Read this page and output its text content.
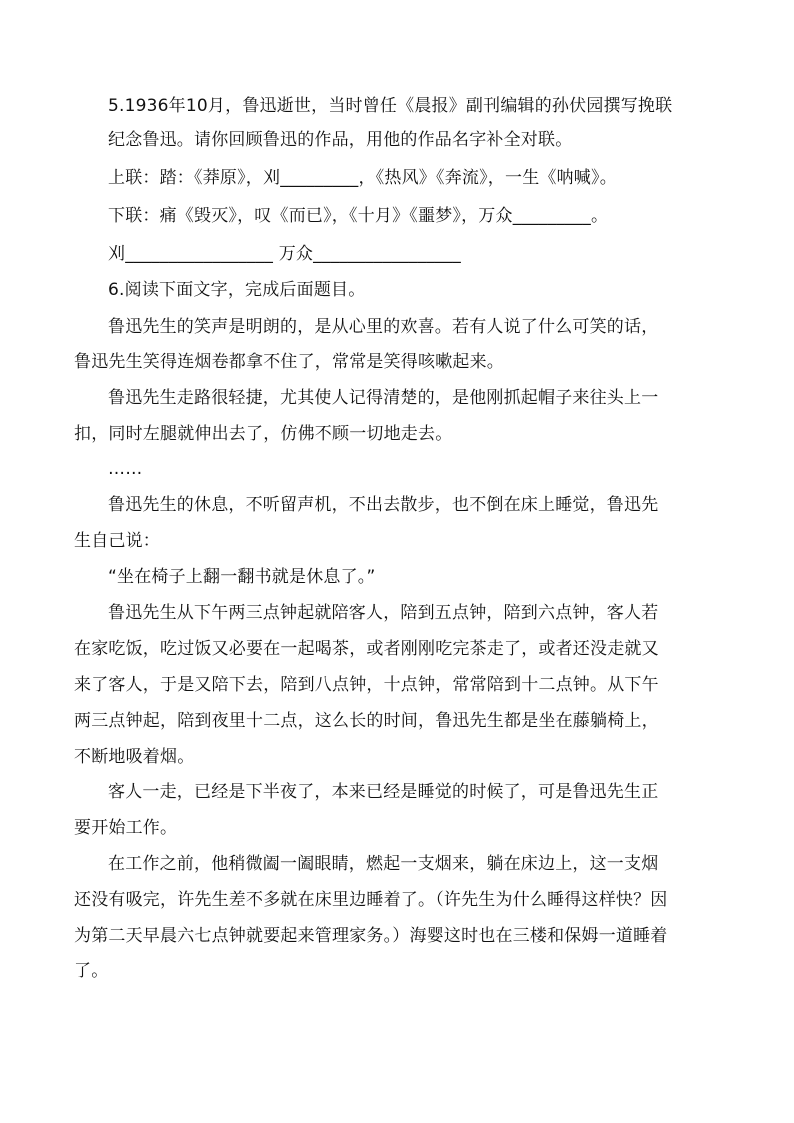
5.1936年10月，鲁迅逝世，当时曾任《晨报》副刊编辑的孙伏园撰写挽联
纪念鲁迅。请你回顾鲁迅的作品，用他的作品名字补全对联。
上联：踏：《莽原》，刈_________，《热风》《奔流》，一生《呐喊》。
下联：痛《毁灭》，叹《而已》，《十月》《噩梦》，万众_________。
刈_________________ 万众_________________
6.阅读下面文字，完成后面题目。
鲁迅先生的笑声是明朗的，是从心里的欢喜。若有人说了什么可笑的话，
鲁迅先生笑得连烟卷都拿不住了，常常是笑得咳嗽起来。
鲁迅先生走路很轻捷，尤其使人记得清楚的，是他刚抓起帽子来往头上一
扣，同时左腿就伸出去了，仿佛不顾一切地走去。
……
鲁迅先生的休息，不听留声机，不出去散步，也不倒在床上睡觉，鲁迅先
生自己说：
“坐在椅子上翻一翻书就是休息了。”
鲁迅先生从下午两三点钟起就陪客人，陪到五点钟，陪到六点钟，客人若
在家吃饭，吃过饭又必要在一起喝茶，或者刚刚吃完茶走了，或者还没走就又
来了客人，于是又陪下去，陪到八点钟，十点钟，常常陪到十二点钟。从下午
两三点钟起，陪到夜里十二点，这么长的时间，鲁迅先生都是坐在藤躺椅上，
不断地吸着烟。
客人一走，已经是下半夜了，本来已经是睡觉的时候了，可是鲁迅先生正
要开始工作。
在工作之前，他稍微阖一阖眼睛，燃起一支烟来，躺在床边上，这一支烟
还没有吸完，许先生差不多就在床里边睡着了。（许先生为什么睡得这样快？因
为第二天早晨六七点钟就要起来管理家务。）海婴这时也在三楼和保姆一道睡着
了。
